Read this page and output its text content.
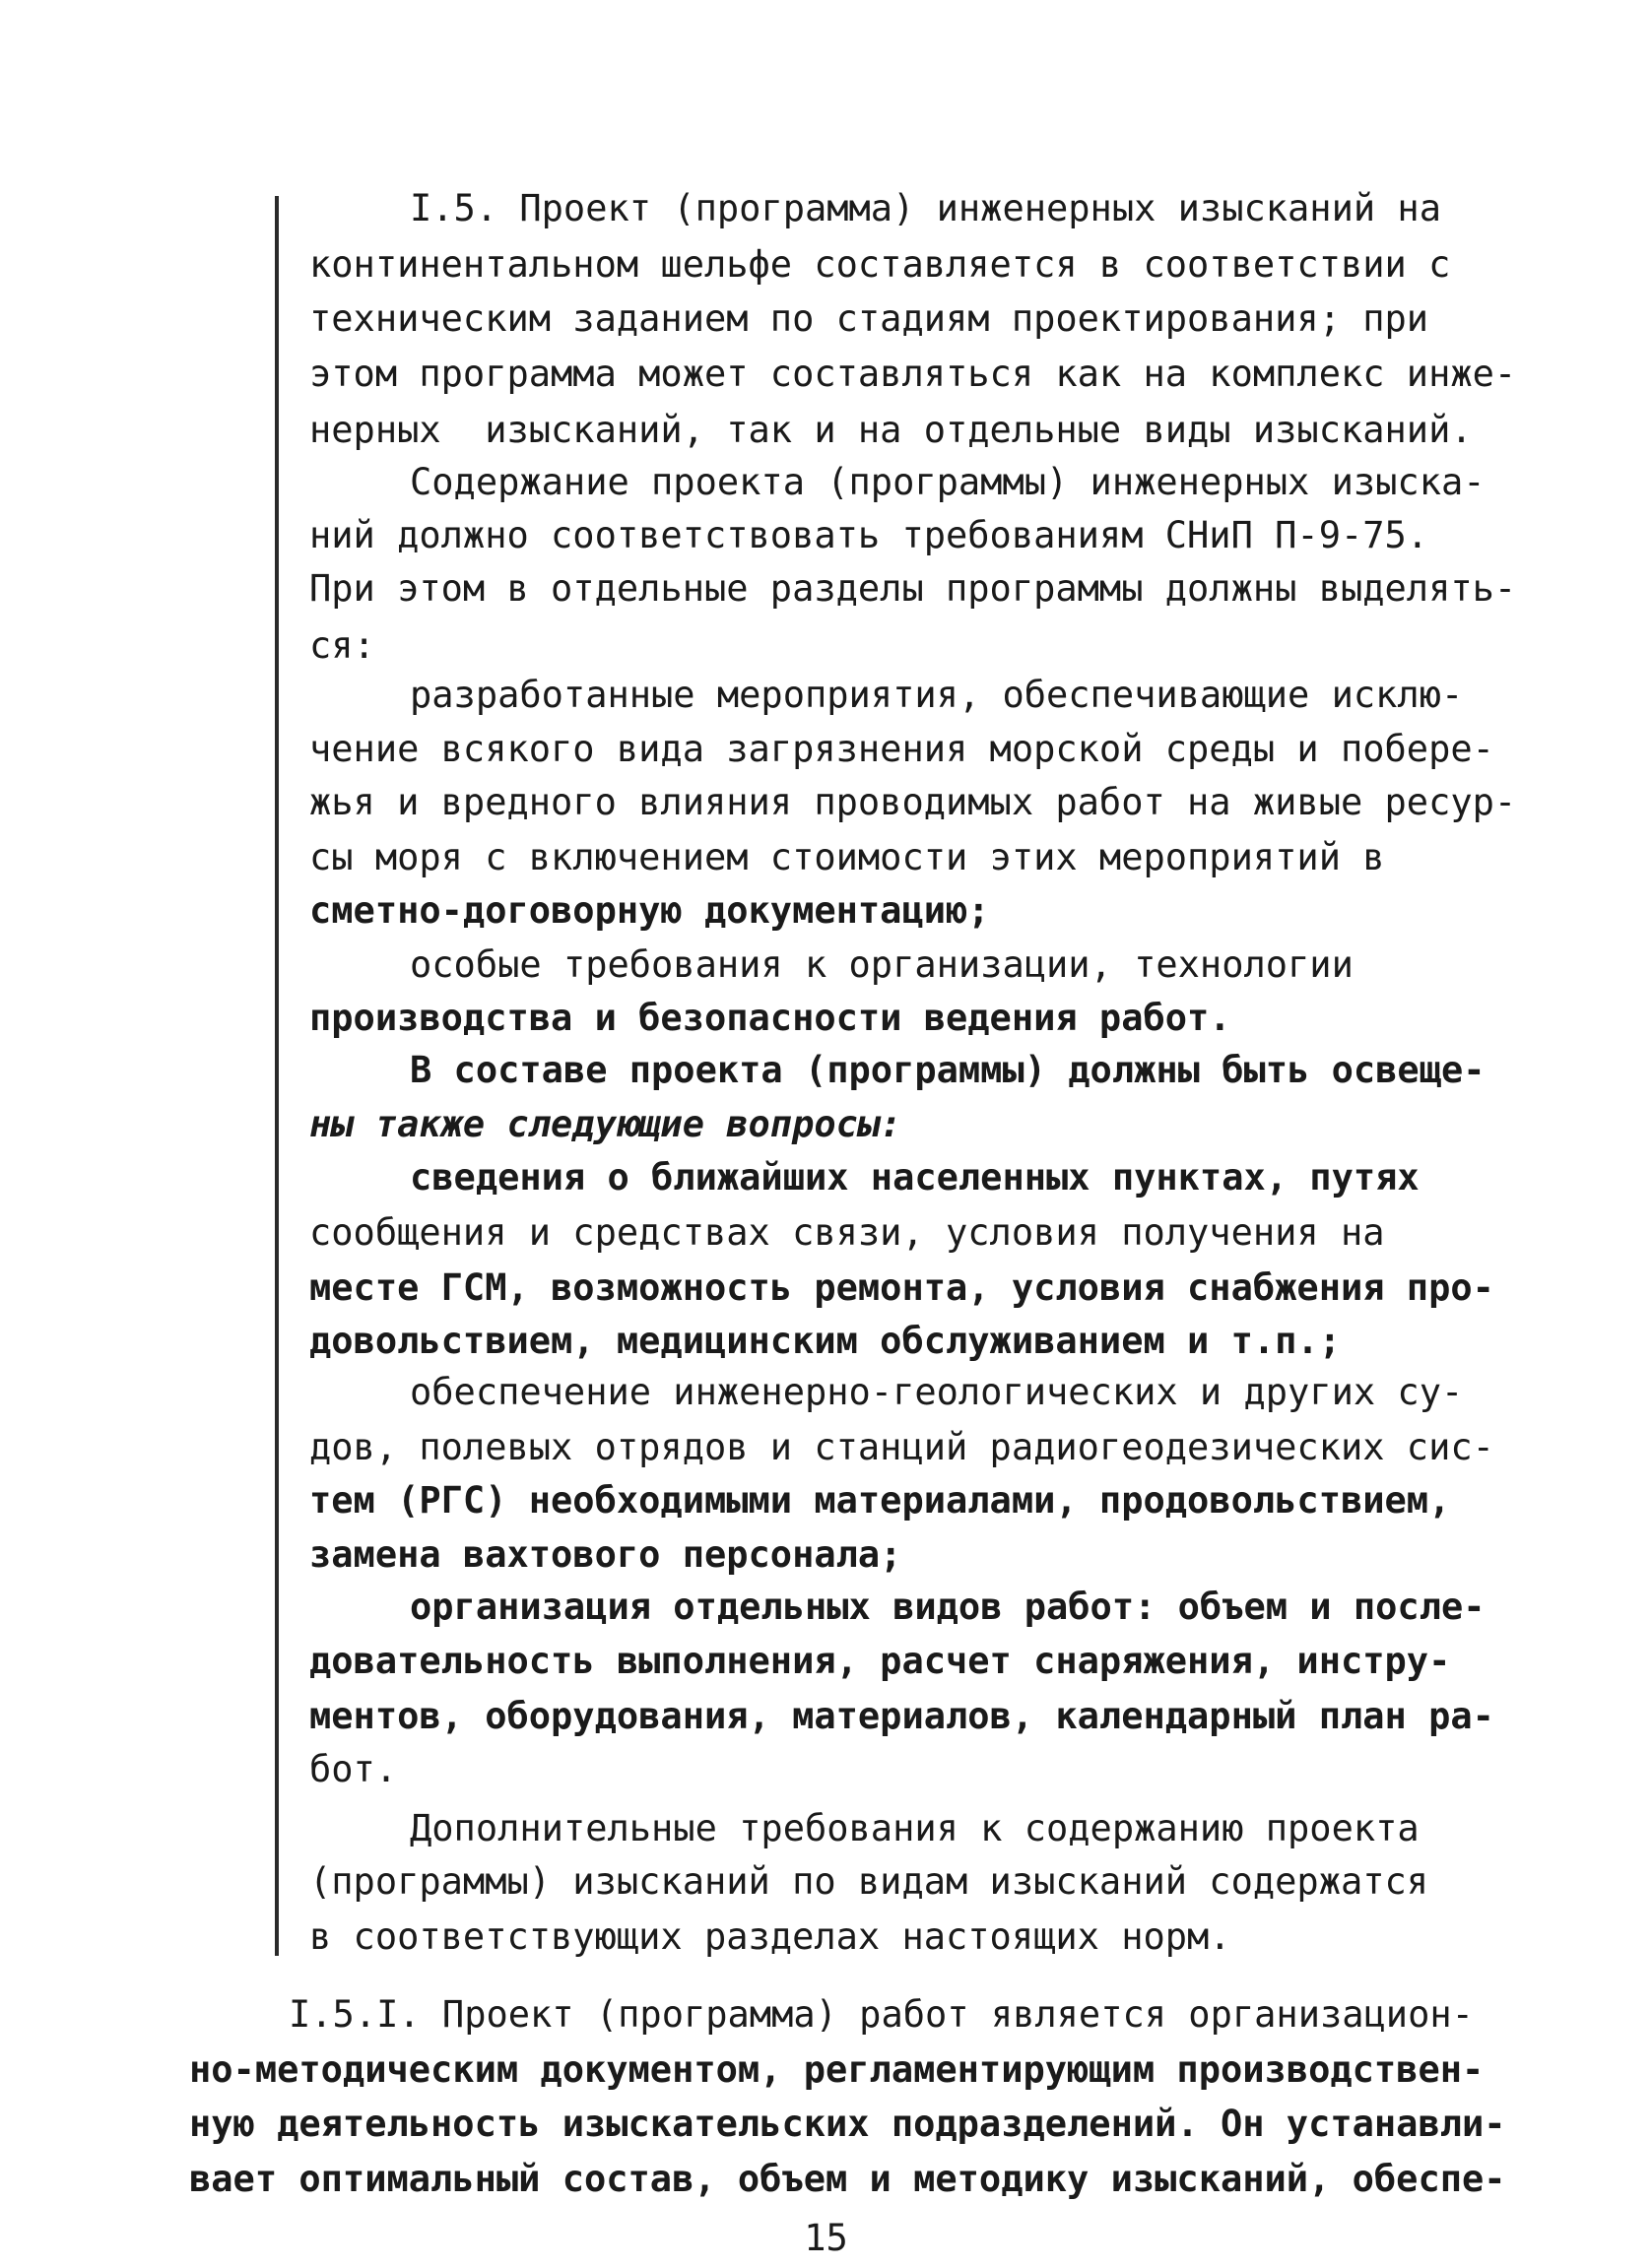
I.5. Проект (программа) инженерных изысканий на
континентальном шельфе составляется в соответствии с
техническим заданием по стадиям проектирования; при
этом программа может составляться как на комплекс инже-
нерных  изысканий, так и на отдельные виды изысканий.
Содержание проекта (программы) инженерных изыска-
ний должно соответствовать требованиям СНиП П-9-75.
При этом в отдельные разделы программы должны выделять-
ся:
разработанные мероприятия, обеспечивающие исклю-
чение всякого вида загрязнения морской среды и побере-
жья и вредного влияния проводимых работ на живые ресур-
сы моря с включением стоимости этих мероприятий в
сметно-договорную документацию;
особые требования к организации, технологии
производства и безопасности ведения работ.
В составе проекта (программы) должны быть освеще-
ны также следующие вопросы:
сведения о ближайших населенных пунктах, путях
сообщения и средствах связи, условия получения на
месте ГСМ, возможность ремонта, условия снабжения про-
довольствием, медицинским обслуживанием и т.п.;
обеспечение инженерно-геологических и других су-
дов, полевых отрядов и станций радиогеодезических сис-
тем (РГС) необходимыми материалами, продовольствием,
замена вахтового персонала;
организация отдельных видов работ: объем и после-
довательность выполнения, расчет снаряжения, инстру-
ментов, оборудования, материалов, календарный план ра-
бот.
Дополнительные требования к содержанию проекта
(программы) изысканий по видам изысканий содержатся
в соответствующих разделах настоящих норм.
I.5.I. Проект (программа) работ является организацион-
но-методическим документом, регламентирующим производствен-
ную деятельность изыскательских подразделений. Он устанавли-
вает оптимальный состав, объем и методику изысканий, обеспе-
15
